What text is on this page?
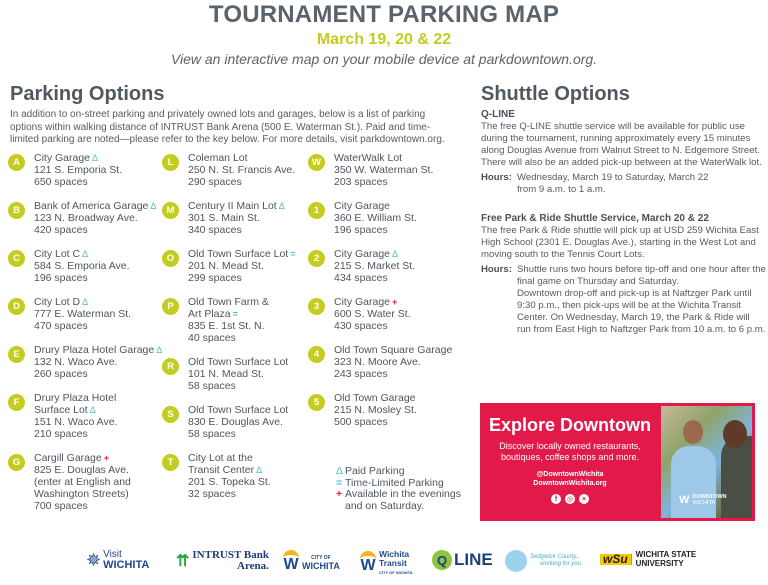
TOURNAMENT PARKING MAP
March 19, 20 & 22
View an interactive map on your mobile device at parkdowntown.org.
Parking Options
In addition to on-street parking and privately owned lots and garages, below is a list of parking options within walking distance of INTRUST Bank Arena (500 E. Waterman St.). Paid and time-limited parking are noted—please refer to the key below. For more details, visit parkdowntown.org.
A	City Garage Δ
121 S. Emporia St.
650 spaces
B	Bank of America Garage Δ
123 N. Broadway Ave.
420 spaces
C	City Lot C Δ
584 S. Emporia Ave.
196 spaces
D	City Lot D Δ
777 E. Waterman St.
470 spaces
E	Drury Plaza Hotel Garage Δ
132 N. Waco Ave.
260 spaces
F	Drury Plaza Hotel
Surface Lot Δ
151 N. Waco Ave.
210 spaces
G	Cargill Garage +
825 E. Douglas Ave.
(enter at English and
Washington Streets)
700 spaces
L	Coleman Lot
250 N. St. Francis Ave.
290 spaces
M	Century II Main Lot Δ
301 S. Main St.
340 spaces
O	Old Town Surface Lot =
201 N. Mead St.
299 spaces
P	Old Town Farm &
Art Plaza =
835 E. 1st St. N.
40 spaces
R	Old Town Surface Lot
101 N. Mead St.
58 spaces
S	Old Town Surface Lot
830 E. Douglas Ave.
58 spaces
T	City Lot at the
Transit Center Δ
201 S. Topeka St.
32 spaces
W	WaterWalk Lot
350 W. Waterman St.
203 spaces
1	City Garage
360 E. William St.
196 spaces
2	City Garage Δ
215 S. Market St.
434 spaces
3	City Garage +
600 S. Water St.
430 spaces
4	Old Town Square Garage
323 N. Moore Ave.
243 spaces
5	Old Town Garage
215 N. Mosley St.
500 spaces
Δ Paid Parking
= Time-Limited Parking
+ Available in the evenings
and on Saturday.
Shuttle Options
Q-LINE

The free Q-LINE shuttle service will be available for public use during the tournament, running approximately every 15 minutes along Douglas Avenue from Walnut Street to N. Edgemore Street. There will also be an added pick-up between at the WaterWalk lot.

Hours: Wednesday, March 19 to Saturday, March 22
from 9 a.m. to 1 a.m.
Free Park & Ride Shuttle Service, March 20 & 22

The free Park & Ride shuttle will pick up at USD 259 Wichita East High School (2301 E. Douglas Ave.), starting in the West Lot and moving south to the Tennis Court Lots.

Hours: Shuttle runs two hours before tip-off and one hour after the final game on Thursday and Saturday.
Downtown drop-off and pick-up is at Naftzger Park until 9:30 p.m., then pick-ups will be at the Wichita Transit Center. On Wednesday, March 19, the Park & Ride will run from East High to Naftzger Park from 10 a.m. to 6 p.m.
Explore Downtown
Discover locally owned restaurants,
boutiques, coffee shops and more.
@DowntownWichita
DowntownWichita.org
f	◎	×	W DOWNTOWN
WICHITA
✵ Visit
WICHITA ⇈ INTRUST Bank
Arena. W	CITY OF
WICHITA W
Wichita
Transit
CITY OF WICHITA
Q LINE	Sedgwick County...
working for you wSu	WICHITA STATE
UNIVERSITY
